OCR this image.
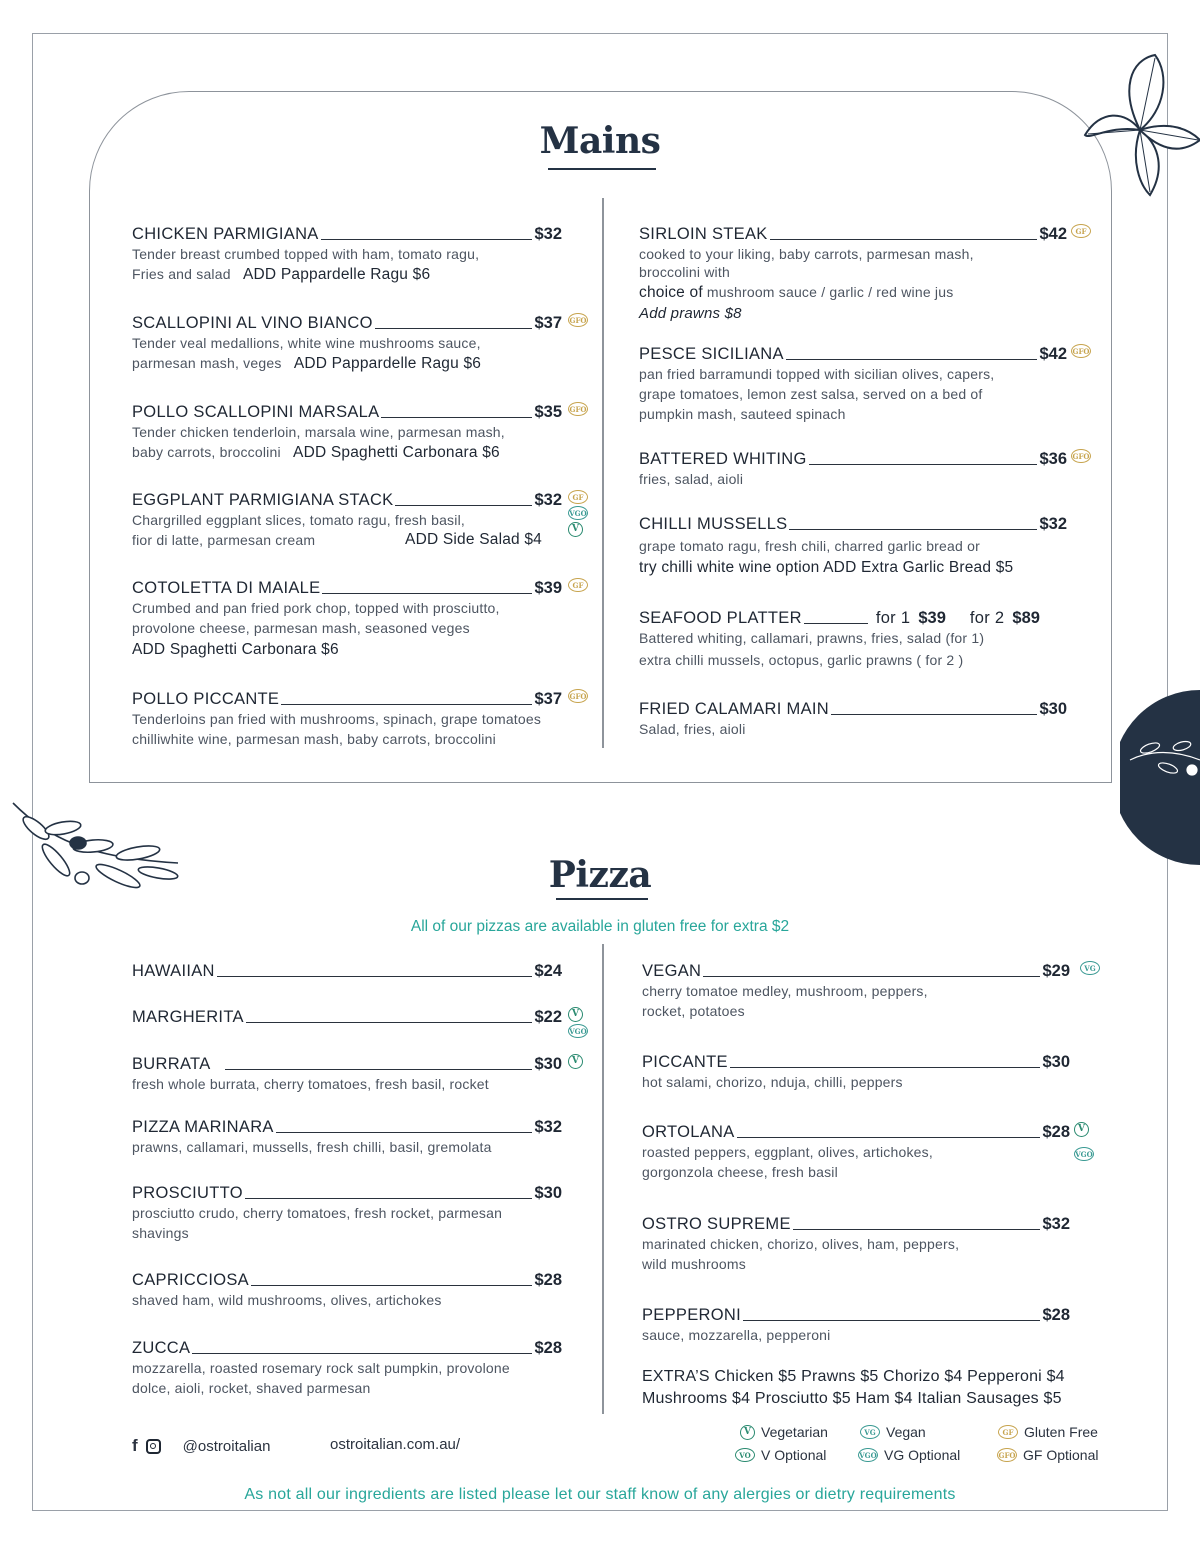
Mains
Pizza
CHICKEN PARMIGIANA	$32
Tender breast crumbed topped with ham, tomato ragu,
Fries and salad ADD Pappardelle Ragu $6
SCALLOPINI AL VINO BIANCO	$37 GFO
Tender veal medallions, white wine mushrooms sauce,
parmesan mash, veges ADD Pappardelle Ragu $6
POLLO SCALLOPINI MARSALA	$35 GFO
Tender chicken tenderloin, marsala wine, parmesan mash,
baby carrots, broccolini ADD Spaghetti Carbonara $6
EGGPLANT PARMIGIANA STACK	$32	GF
VGO
V
Chargrilled eggplant slices, tomato ragu, fresh basil,
fior di latte, parmesan cream	ADD Side Salad $4
COTOLETTA DI MAIALE	$39	GF
Crumbed and pan fried pork chop, topped with prosciutto,
provolone cheese, parmesan mash, seasoned veges
ADD Spaghetti Carbonara $6
POLLO PICCANTE	$37 GFO
Tenderloins pan fried with mushrooms, spinach, grape tomatoes
chilliwhite wine, parmesan mash, baby carrots, broccolini
SIRLOIN STEAK	$42	GF
cooked to your liking, baby carrots, parmesan mash,
broccolini with
choice of mushroom sauce / garlic / red wine jus
Add prawns $8
PESCE SICILIANA	$42 GFO
pan fried barramundi topped with sicilian olives, capers,
grape tomatoes, lemon zest salsa, served on a bed of
pumpkin mash, sauteed spinach
BATTERED WHITING	$36 GFO
fries, salad, aioli
CHILLI MUSSELLS	$32
grape tomato ragu, fresh chili, charred garlic bread or
try chilli white wine option ADD Extra Garlic Bread $5
SEAFOOD PLATTER	for 1 $39 for 2 $89
Battered whiting, callamari, prawns, fries, salad (for 1)
extra chilli mussels, octopus, garlic prawns ( for 2 )
FRIED CALAMARI MAIN	$30
Salad, fries, aioli
All of our pizzas are available in gluten free for extra $2
HAWAIIAN	$24
MARGHERITA	$22	V
VGO
BURRATA	$30	V
fresh whole burrata, cherry tomatoes, fresh basil, rocket
PIZZA MARINARA	$32
prawns, callamari, mussells, fresh chilli, basil, gremolata
PROSCIUTTO	$30
prosciutto crudo, cherry tomatoes, fresh rocket, parmesan
shavings
CAPRICCIOSA	$28
shaved ham, wild mushrooms, olives, artichokes
ZUCCA	$28
mozzarella, roasted rosemary rock salt pumpkin, provolone
dolce, aioli, rocket, shaved parmesan
VEGAN	$29	VG
cherry tomatoe medley, mushroom, peppers,
rocket, potatoes
PICCANTE	$30
hot salami, chorizo, nduja, chilli, peppers
ORTOLANA	$28 V
VGO
roasted peppers, eggplant, olives, artichokes,
gorgonzola cheese, fresh basil
OSTRO SUPREME	$32
marinated chicken, chorizo, olives, ham, peppers,
wild mushrooms
PEPPERONI	$28
sauce, mozzarella, pepperoni
EXTRA’S Chicken $5 Prawns $5 Chorizo $4 Pepperoni $4
Mushrooms $4 Prosciutto $5 Ham $4 Italian Sausages $5
f	@ostroitalian	ostroitalian.com.au/
V Vegetarian	VG Vegan	GF Gluten Free
VO V Optional	VGO VG Optional	GFO GF Optional
As not all our ingredients are listed please let our staff know of any alergies or dietry requirements
